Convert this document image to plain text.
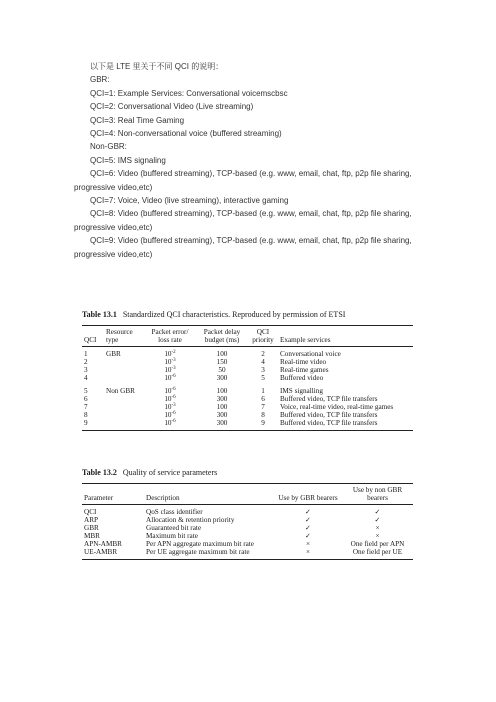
以下是 LTE 里关于不同 QCI 的说明：

GBR:

QCI=1: Example Services: Conversational voicemscbsc

QCI=2: Conversational Video (Live streaming)

QCI=3: Real Time Gaming

QCI=4: Non-conversational voice (buffered streaming)

Non-GBR:

QCI=5: IMS signaling

QCI=6: Video (buffered streaming), TCP-based (e.g. www, email, chat, ftp, p2p file sharing, progressive video,etc)

QCI=7: Voice, Video (live streaming), interactive gaming

QCI=8: Video (buffered streaming), TCP-based (e.g. www, email, chat, ftp, p2p file sharing, progressive video,etc)

QCI=9: Video (buffered streaming), TCP-based (e.g. www, email, chat, ftp, p2p file sharing, progressive video,etc)

Table 13.1 Standardized QCI characteristics. Reproduced by permission of ETSI

QCI	Resource type	Packet error/ loss rate	Packet delay budget (ms)	QCI priority	Example services
1	GBR	$10^{-2}$	100	2	Conversational voice
2		$10^{-3}$	150	4	Real-time video
3		$10^{-3}$	50	3	Real-time games
4		$10^{-6}$	300	5	Buffered video
5	Non GBR	$10^{-6}$	100	1	IMS signalling
6		$10^{-6}$	300	6	Buffered video, TCP file transfers
7		$10^{-3}$	100	7	Voice, real-time video, real-time games
8		$10^{-6}$	300	8	Buffered video, TCP file transfers
9		$10^{-6}$	300	9	Buffered video, TCP file transfers

Table 13.2 Quality of service parameters

Parameter	Description	Use by GBR bearers	Use by non GBR bearers
QCI	QoS class identifier	✓	✓
ARP	Allocation & retention priority	✓	✓
GBR	Guaranteed bit rate	✓	×
MBR	Maximum bit rate	✓	×
APN-AMBR	Per APN aggregate maximum bit rate	×	One field per APN
UE-AMBR	Per UE aggregate maximum bit rate	×	One field per UE
